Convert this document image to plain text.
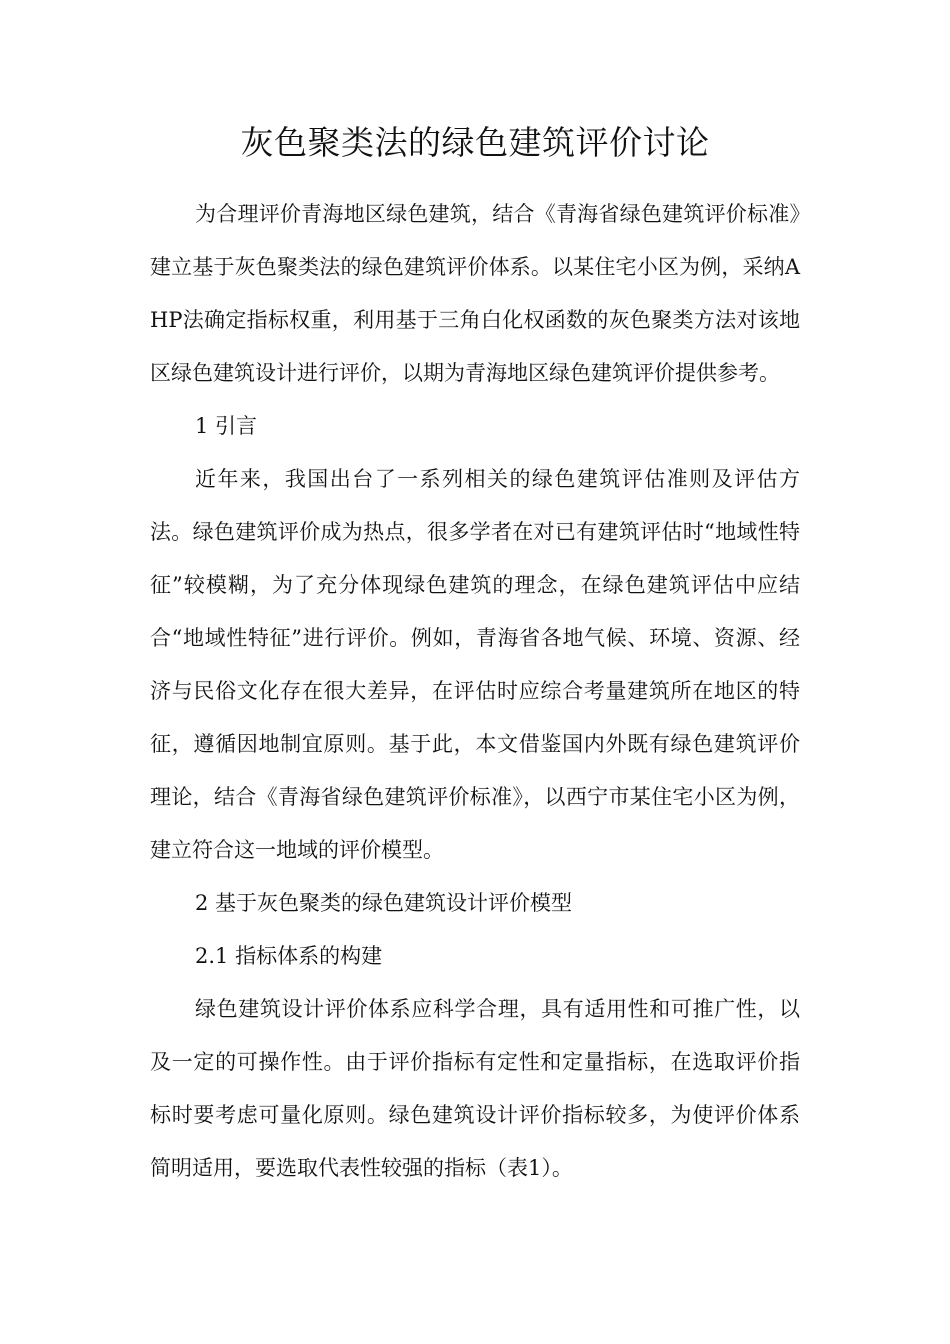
灰色聚类法的绿色建筑评价讨论

为合理评价青海地区绿色建筑，结合《青海省绿色建筑评价标准》建立基于灰色聚类法的绿色建筑评价体系。以某住宅小区为例，采纳AHP法确定指标权重，利用基于三角白化权函数的灰色聚类方法对该地区绿色建筑设计进行评价，以期为青海地区绿色建筑评价提供参考。

1 引言

近年来，我国出台了一系列相关的绿色建筑评估准则及评估方法。绿色建筑评价成为热点，很多学者在对已有建筑评估时“地域性特征”较模糊，为了充分体现绿色建筑的理念，在绿色建筑评估中应结合“地域性特征”进行评价。例如，青海省各地气候、环境、资源、经济与民俗文化存在很大差异，在评估时应综合考量建筑所在地区的特征，遵循因地制宜原则。基于此，本文借鉴国内外既有绿色建筑评价理论，结合《青海省绿色建筑评价标准》，以西宁市某住宅小区为例，建立符合这一地域的评价模型。

2 基于灰色聚类的绿色建筑设计评价模型

2.1 指标体系的构建

绿色建筑设计评价体系应科学合理，具有适用性和可推广性，以及一定的可操作性。由于评价指标有定性和定量指标，在选取评价指标时要考虑可量化原则。绿色建筑设计评价指标较多，为使评价体系简明适用，要选取代表性较强的指标（表1）。
